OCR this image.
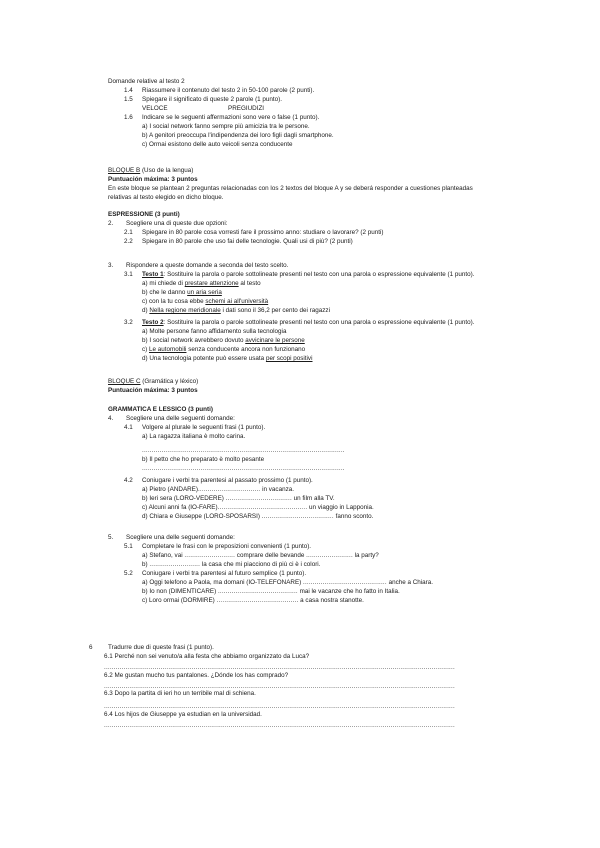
Domande relative al testo 2
1.4 Riassumere il contenuto del testo 2 in 50-100 parole (2 punti).
1.5 Spiegare il significato di queste 2 parole (1 punto).
VELOCE	PREGIUDIZI
1.6 Indicare se le seguenti affermazioni sono vere o false (1 punto).
a) I social network fanno sempre più amicizia tra le persone.
b) A genitori preoccupa l'indipendenza dei loro figli dagli smartphone.
c) Ormai esistono delle auto veicoli senza conducente
BLOQUE B (Uso de la lengua)
Puntuación máxima: 3 puntos
En este bloque se plantean 2 preguntas relacionadas con los 2 textos del bloque A y se deberá responder a cuestiones planteadas
relativas al testo elegido en dicho bloque.
ESPRESSIONE (3 punti)
2. Scegliere una di queste due opzioni:
2.1 Spiegare in 80 parole cosa vorresti fare il prossimo anno: studiare o lavorare? (2 punti)
2.2 Spiegare in 80 parole che uso fai delle tecnologie. Quali usi di più? (2 punti)
3. Rispondere a queste domande a seconda del testo scelto.
3.1 Testo 1: Sostituire la parola o parole sottolineate presenti nel testo con una parola o espressione equivalente (1 punto).
a) mi chiede di prestare attenzione al testo
b) che le danno un aria seria
c) con la tu cosa ebbe schemi ai all'università
d) Nella regione meridionale i dati sono il 36,2 per cento dei ragazzi
3.2 Testo 2: Sostituire la parola o parole sottolineate presenti nel testo con una parola o espressione equivalente (1 punto).
a) Molte persone fanno affidamento sulla tecnologia
b) I social network avrebbero dovuto avvicinare le persone
c) Le automobili senza conducente ancora non funzionano
d) Una tecnologia potente può essere usata per scopi positivi
BLOQUE C (Gramática y léxico)
Puntuación máxima: 3 puntos
GRAMMATICA E LESSICO (3 punti)
4. Scegliere una delle seguenti domande:
4.1 Volgere al plurale le seguenti frasi (1 punto).
a) La ragazza italiana è molto carina.
........................................................................................................
b) Il petto che ho preparato è molto pesante
........................................................................................................
4.2 Coniugare i verbi tra parentesi al passato prossimo (1 punto).
a) Pietro (ANDARE)................................ in vacanza.
b) Ieri sera (LORO-VEDERE) .................................. un film alla TV.
c) Alcuni anni fa (IO-FARE).............................................. un viaggio in Lapponia.
d) Chiara e Giuseppe (LORO-SPOSARSI) ..................................... fanno sconto.
5. Scegliere una delle seguenti domande:
5.1 Completare le frasi con le preposizioni convenienti (1 punto).
a) Stefano, vai .......................... comprare delle bevande ........................ la party?
b) .......................... la casa che mi piacciono di più ci è i colori.
5.2 Coniugare i verbi tra parentesi al futuro semplice (1 punto).
a) Oggi telefono a Paola, ma domani (IO-TELEFONARE) ........................................... anche a Chiara.
b) Io non (DIMENTICARE) ......................................... mai le vacanze che ho fatto in Italia.
c) Loro ormai (DORMIRE) .......................................... a casa nostra stanotte.
6 Tradurre due di queste frasi (1 punto).
6.1 Perché non sei venuto/a alla festa che abbiamo organizzato da Luca?
....................................................................................................................................................................................
6.2 Me gustan mucho tus pantalones. ¿Dónde los has comprado?
....................................................................................................................................................................................
6.3 Dopo la partita di ieri ho un terribile mal di schiena.
....................................................................................................................................................................................
6.4 Los hijos de Giuseppe ya estudian en la universidad.
....................................................................................................................................................................................
